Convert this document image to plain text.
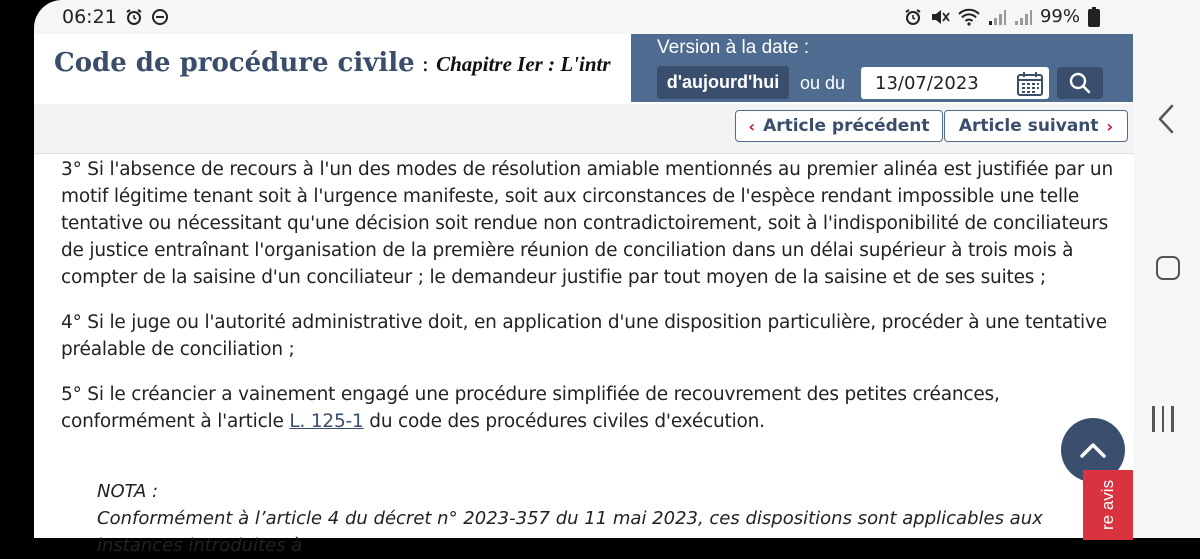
06:21	99%
Code de procédure civile : Chapitre Ier : L'intr
Version à la date :
d'aujourd'hui	ou du
13/07/2023
‹ Article précédent Article suivant ›

3° Si l'absence de recours à l'un des modes de résolution amiable mentionnés au premier alinéa est justifiée par un motif légitime tenant soit à l'urgence manifeste, soit aux circonstances de l'espèce rendant impossible une telle tentative ou nécessitant qu'une décision soit rendue non contradictoirement, soit à l'indisponibilité de conciliateurs de justice entraînant l'organisation de la première réunion de conciliation dans un délai supérieur à trois mois à compter de la saisine d'un conciliateur ; le demandeur justifie par tout moyen de la saisine et de ses suites ;

4° Si le juge ou l'autorité administrative doit, en application d'une disposition particulière, procéder à une tentative préalable de conciliation ;

5° Si le créancier a vainement engagé une procédure simplifiée de recouvrement des petites créances, conformément à l'article L. 125-1 du code des procédures civiles d'exécution.

NOTA :
Conformément à l’article 4 du décret n° 2023-357 du 11 mai 2023, ces dispositions sont applicables aux instances introduites à
re avis
